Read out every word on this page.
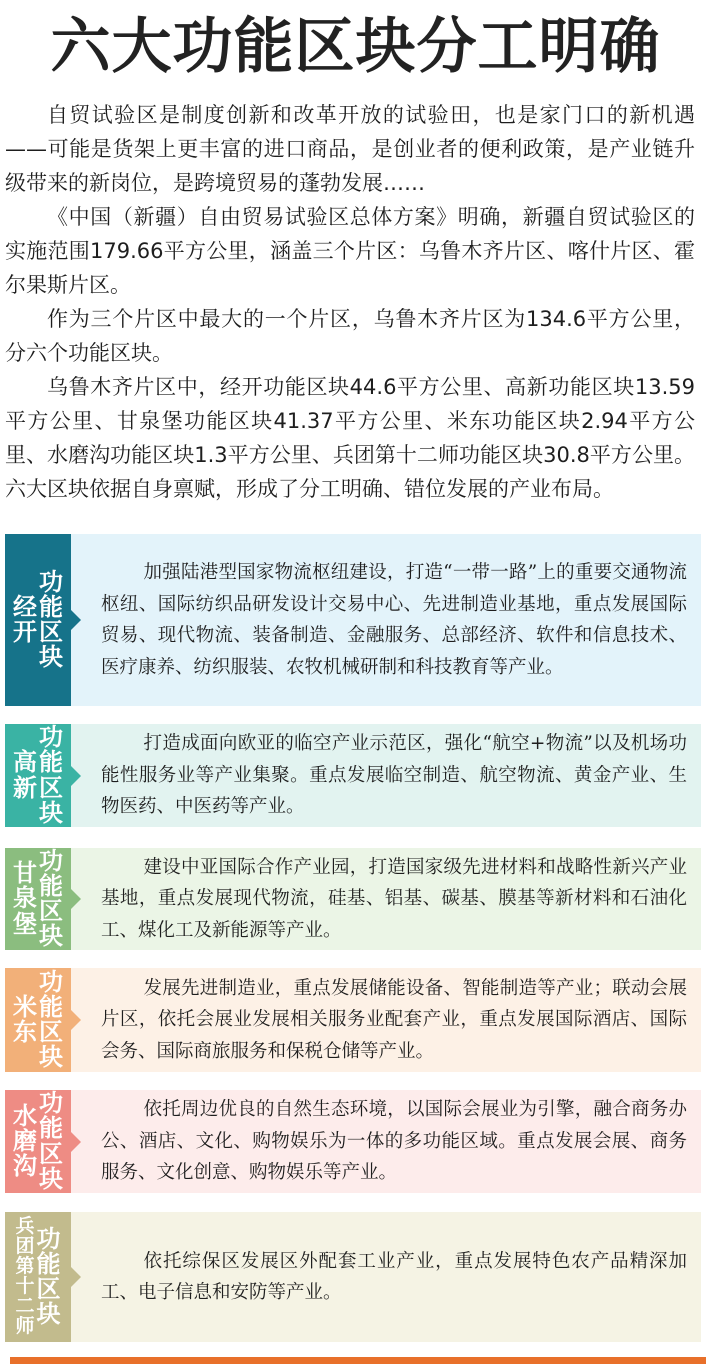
六大功能区块分工明确

自贸试验区是制度创新和改革开放的试验田，也是家门口的新机遇——可能是货架上更丰富的进口商品，是创业者的便利政策，是产业链升级带来的新岗位，是跨境贸易的蓬勃发展……

《中国（新疆）自由贸易试验区总体方案》明确，新疆自贸试验区的实施范围179.66平方公里，涵盖三个片区：乌鲁木齐片区、喀什片区、霍尔果斯片区。

作为三个片区中最大的一个片区，乌鲁木齐片区为134.6平方公里，分六个功能区块。

乌鲁木齐片区中，经开功能区块44.6平方公里、高新功能区块13.59平方公里、甘泉堡功能区块41.37平方公里、米东功能区块2.94平方公里、水磨沟功能区块1.3平方公里、兵团第十二师功能区块30.8平方公里。六大区块依据自身禀赋，形成了分工明确、错位发展的产业布局。

经
开
功
能
区
块

加强陆港型国家物流枢纽建设，打造“一带一路”上的重要交通物流枢纽、国际纺织品研发设计交易中心、先进制造业基地，重点发展国际贸易、现代物流、装备制造、金融服务、总部经济、软件和信息技术、医疗康养、纺织服装、农牧机械研制和科技教育等产业。

高
新
功
能
区
块

打造成面向欧亚的临空产业示范区，强化“航空+物流”以及机场功能性服务业等产业集聚。重点发展临空制造、航空物流、黄金产业、生物医药、中医药等产业。

甘
泉
堡
功
能
区
块

建设中亚国际合作产业园，打造国家级先进材料和战略性新兴产业基地，重点发展现代物流，硅基、铝基、碳基、膜基等新材料和石油化工、煤化工及新能源等产业。

米
东
功
能
区
块

发展先进制造业，重点发展储能设备、智能制造等产业；联动会展片区，依托会展业发展相关服务业配套产业，重点发展国际酒店、国际会务、国际商旅服务和保税仓储等产业。

水
磨
沟
功
能
区
块

依托周边优良的自然生态环境，以国际会展业为引擎，融合商务办公、酒店、文化、购物娱乐为一体的多功能区域。重点发展会展、商务服务、文化创意、购物娱乐等产业。

兵
团
第
十
二
师
功
能
区
块

依托综保区发展区外配套工业产业，重点发展特色农产品精深加工、电子信息和安防等产业。
